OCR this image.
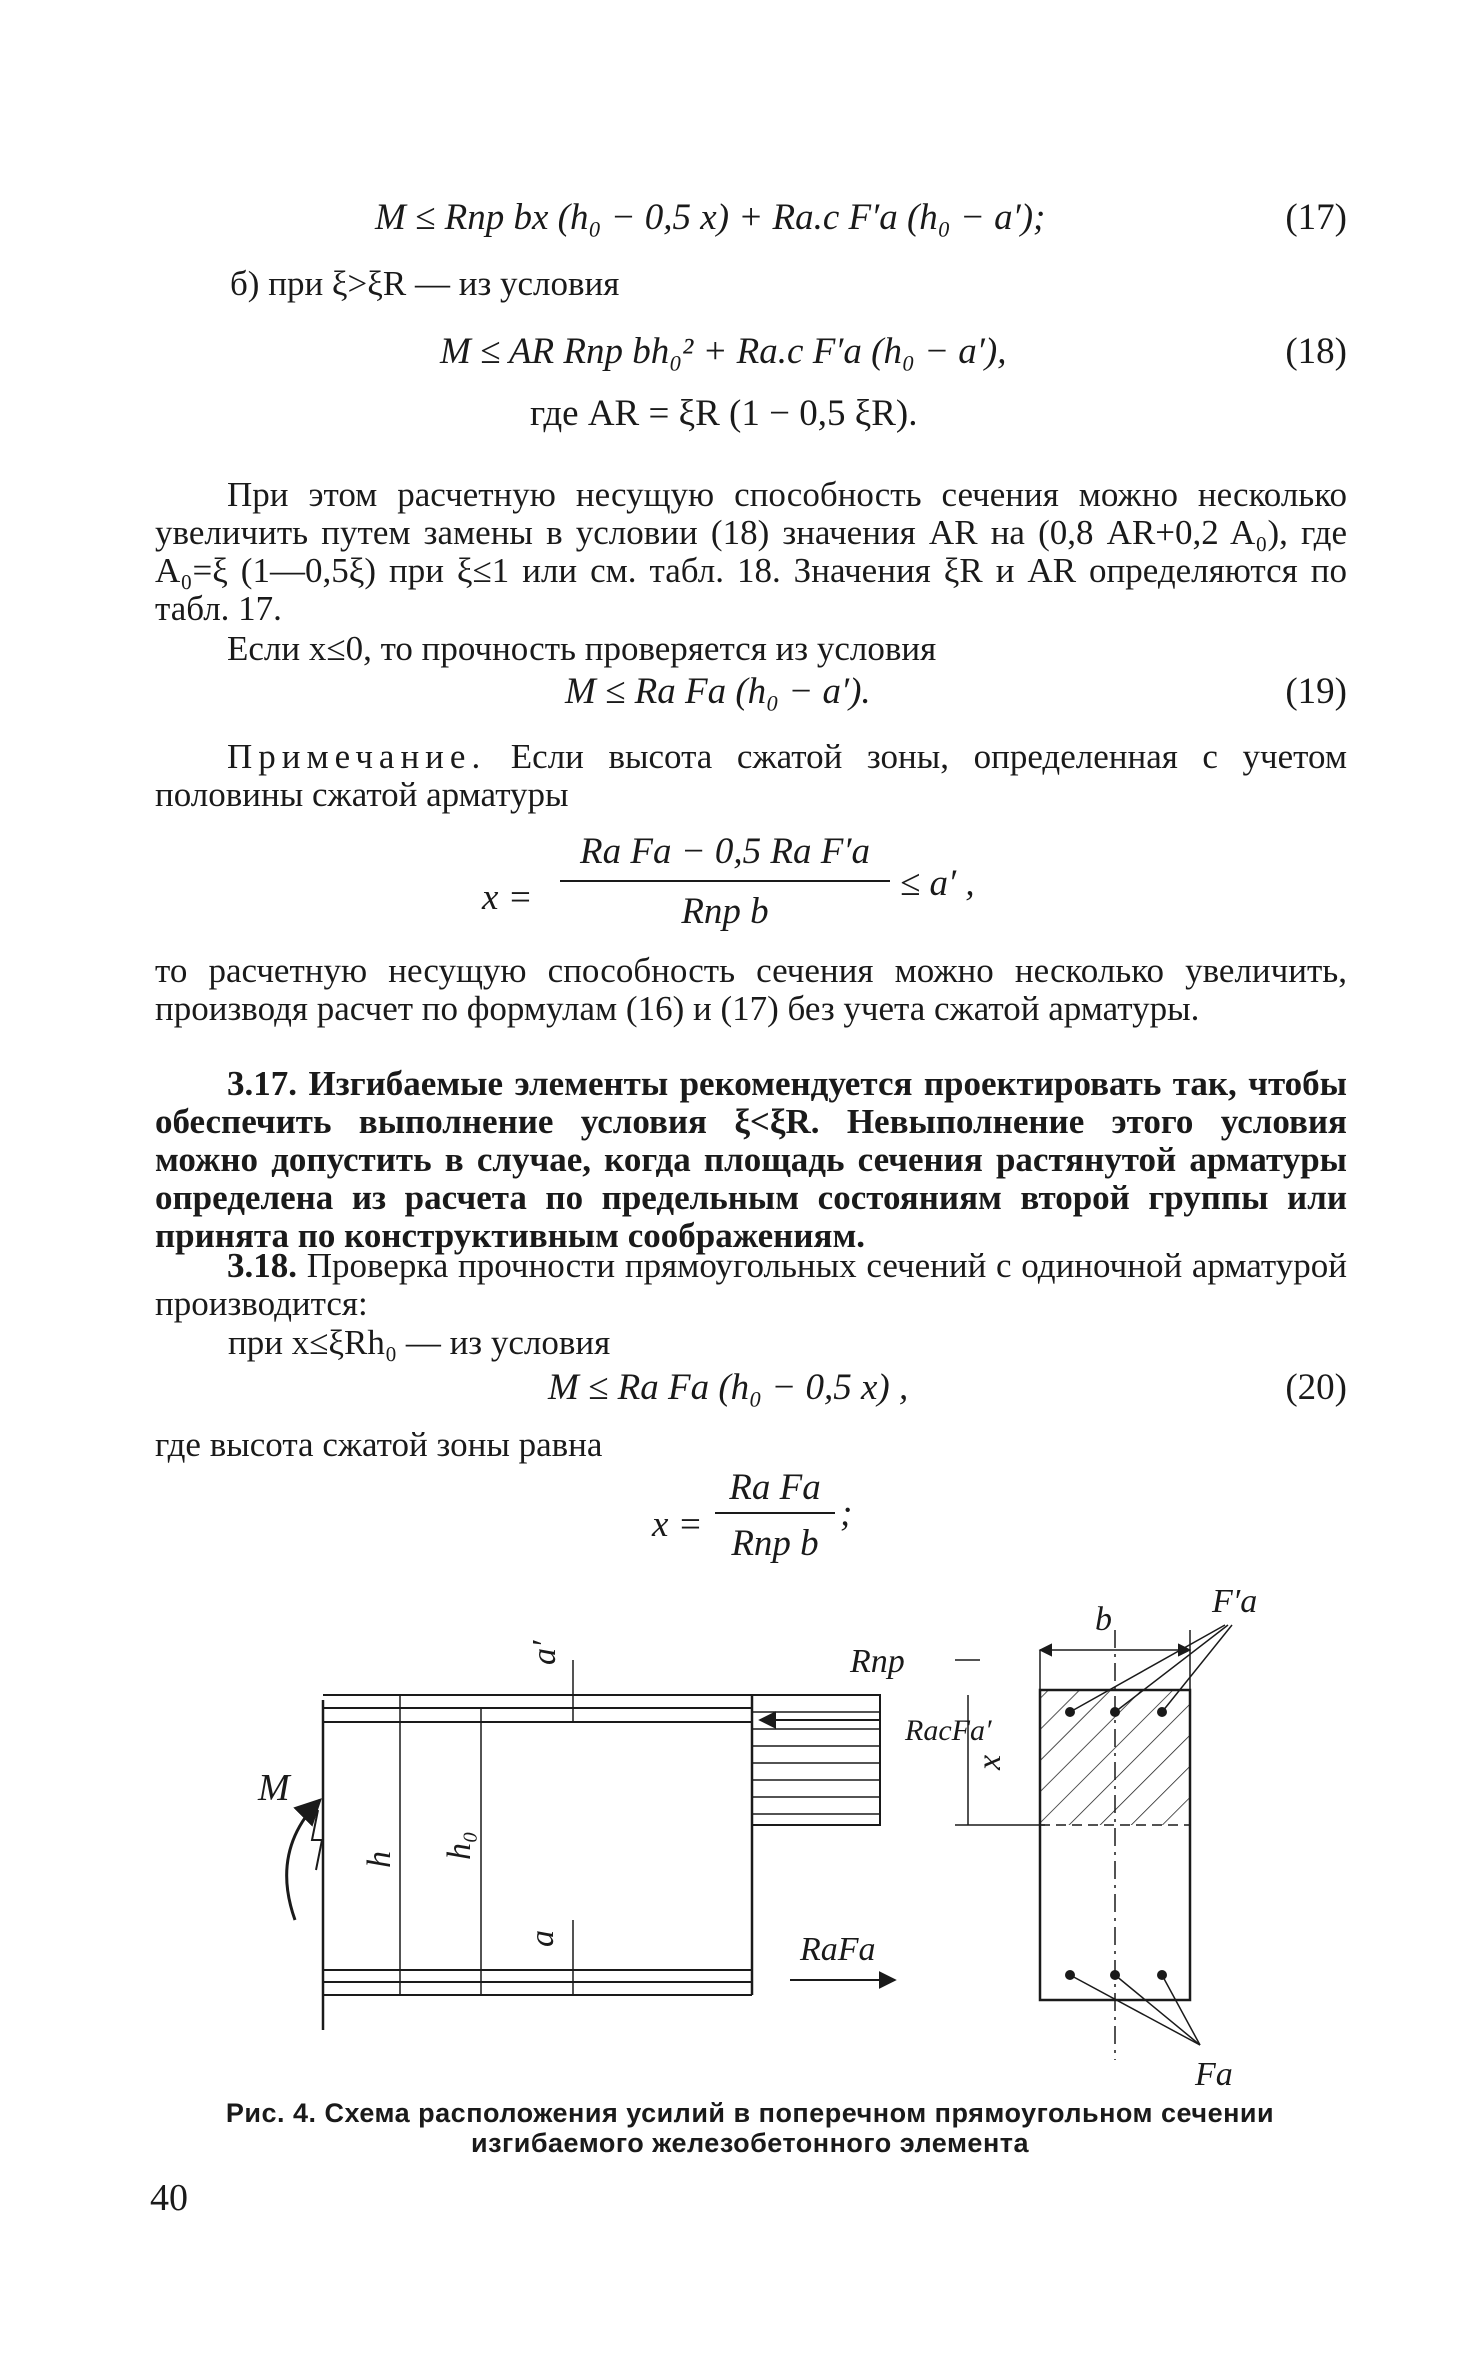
M ≤ Rпр bx (h₀ − 0,5 x) + Rа.с F′а (h₀ − a′);	(17)
б) при ξ>ξR — из условия
M ≤ AR Rпр bh₀² + Rа.с F′а (h₀ − a′),	(18)
где AR = ξR (1 − 0,5 ξR).

При этом расчетную несущую способность сечения можно несколько увеличить путем замены в условии (18) значения AR на (0,8 AR+0,2 A₀), где A₀=ξ (1—0,5ξ) при ξ≤1 или см. табл. 18. Значения ξR и AR определяются по табл. 17.

Если x≤0, то прочность проверяется из условия

M ≤ Rа Fа (h₀ − a′).	(19)

Примечание. Если высота сжатой зоны, определенная с учетом половины сжатой арматуры

x =
Rа Fа − 0,5 Rа F′а
Rпр b
≤ a′ ,

то расчетную несущую способность сечения можно несколько увеличить, производя расчет по формулам (16) и (17) без учета сжатой арматуры.

3.17. Изгибаемые элементы рекомендуется проектировать так, чтобы обеспечить выполнение условия ξ<ξR. Невыполнение этого условия можно допустить в случае, когда площадь сечения растянутой арматуры определена из расчета по предельным состояниям второй группы или принята по конструктивным соображениям.

3.18. Проверка прочности прямоугольных сечений с одиночной арматурой производится:

при x≤ξRh₀ — из условия
M ≤ Rа Fа (h₀ − 0,5 x) ,	(20)
где высота сжатой зоны равна
x =
Rа Fа
Rпр b
;
M
h h₀
a′
a
Rпр
RacFa′
x
RaFa
b	F′a
Fa
Рис. 4. Схема расположения усилий в поперечном прямоугольном сечении
изгибаемого железобетонного элемента
40
